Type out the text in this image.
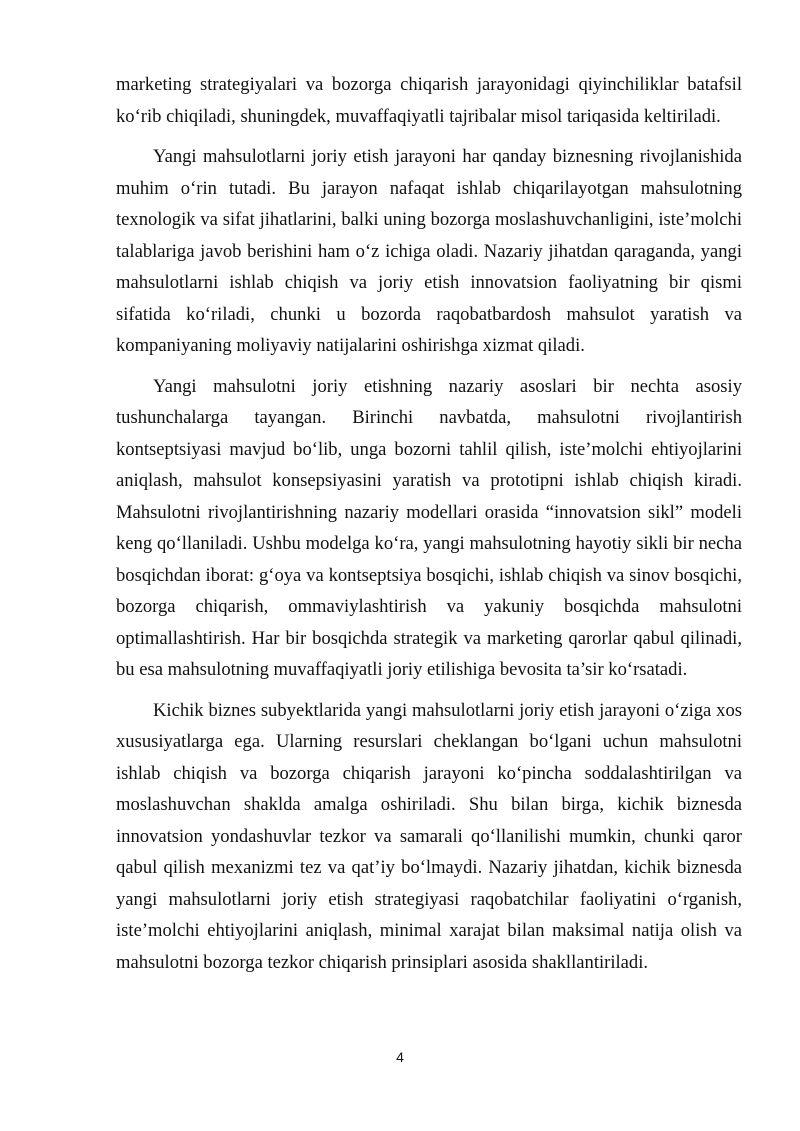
marketing strategiyalari va bozorga chiqarish jarayonidagi qiyinchiliklar batafsil ko‘rib chiqiladi, shuningdek, muvaffaqiyatli tajribalar misol tariqasida keltiriladi.

Yangi mahsulotlarni joriy etish jarayoni har qanday biznesning rivojlanishida muhim o‘rin tutadi. Bu jarayon nafaqat ishlab chiqarilayotgan mahsulotning texnologik va sifat jihatlarini, balki uning bozorga moslashuvchanligini, iste’molchi talablariga javob berishini ham o‘z ichiga oladi. Nazariy jihatdan qaraganda, yangi mahsulotlarni ishlab chiqish va joriy etish innovatsion faoliyatning bir qismi sifatida ko‘riladi, chunki u bozorda raqobatbardosh mahsulot yaratish va kompaniyaning moliyaviy natijalarini oshirishga xizmat qiladi.

Yangi mahsulotni joriy etishning nazariy asoslari bir nechta asosiy tushunchalarga tayangan. Birinchi navbatda, mahsulotni rivojlantirish kontseptsiyasi mavjud bo‘lib, unga bozorni tahlil qilish, iste’molchi ehtiyojlarini aniqlash, mahsulot konsepsiyasini yaratish va prototipni ishlab chiqish kiradi. Mahsulotni rivojlantirishning nazariy modellari orasida “innovatsion sikl” modeli keng qo‘llaniladi. Ushbu modelga ko‘ra, yangi mahsulotning hayotiy sikli bir necha bosqichdan iborat: g‘oya va kontseptsiya bosqichi, ishlab chiqish va sinov bosqichi, bozorga chiqarish, ommaviylashtirish va yakuniy bosqichda mahsulotni optimallashtirish. Har bir bosqichda strategik va marketing qarorlar qabul qilinadi, bu esa mahsulotning muvaffaqiyatli joriy etilishiga bevosita ta’sir ko‘rsatadi.

Kichik biznes subyektlarida yangi mahsulotlarni joriy etish jarayoni o‘ziga xos xususiyatlarga ega. Ularning resurslari cheklangan bo‘lgani uchun mahsulotni ishlab chiqish va bozorga chiqarish jarayoni ko‘pincha soddalashtirilgan va moslashuvchan shaklda amalga oshiriladi. Shu bilan birga, kichik biznesda innovatsion yondashuvlar tezkor va samarali qo‘llanilishi mumkin, chunki qaror qabul qilish mexanizmi tez va qat’iy bo‘lmaydi. Nazariy jihatdan, kichik biznesda yangi mahsulotlarni joriy etish strategiyasi raqobatchilar faoliyatini o‘rganish, iste’molchi ehtiyojlarini aniqlash, minimal xarajat bilan maksimal natija olish va mahsulotni bozorga tezkor chiqarish prinsiplari asosida shakllantiriladi.

4
